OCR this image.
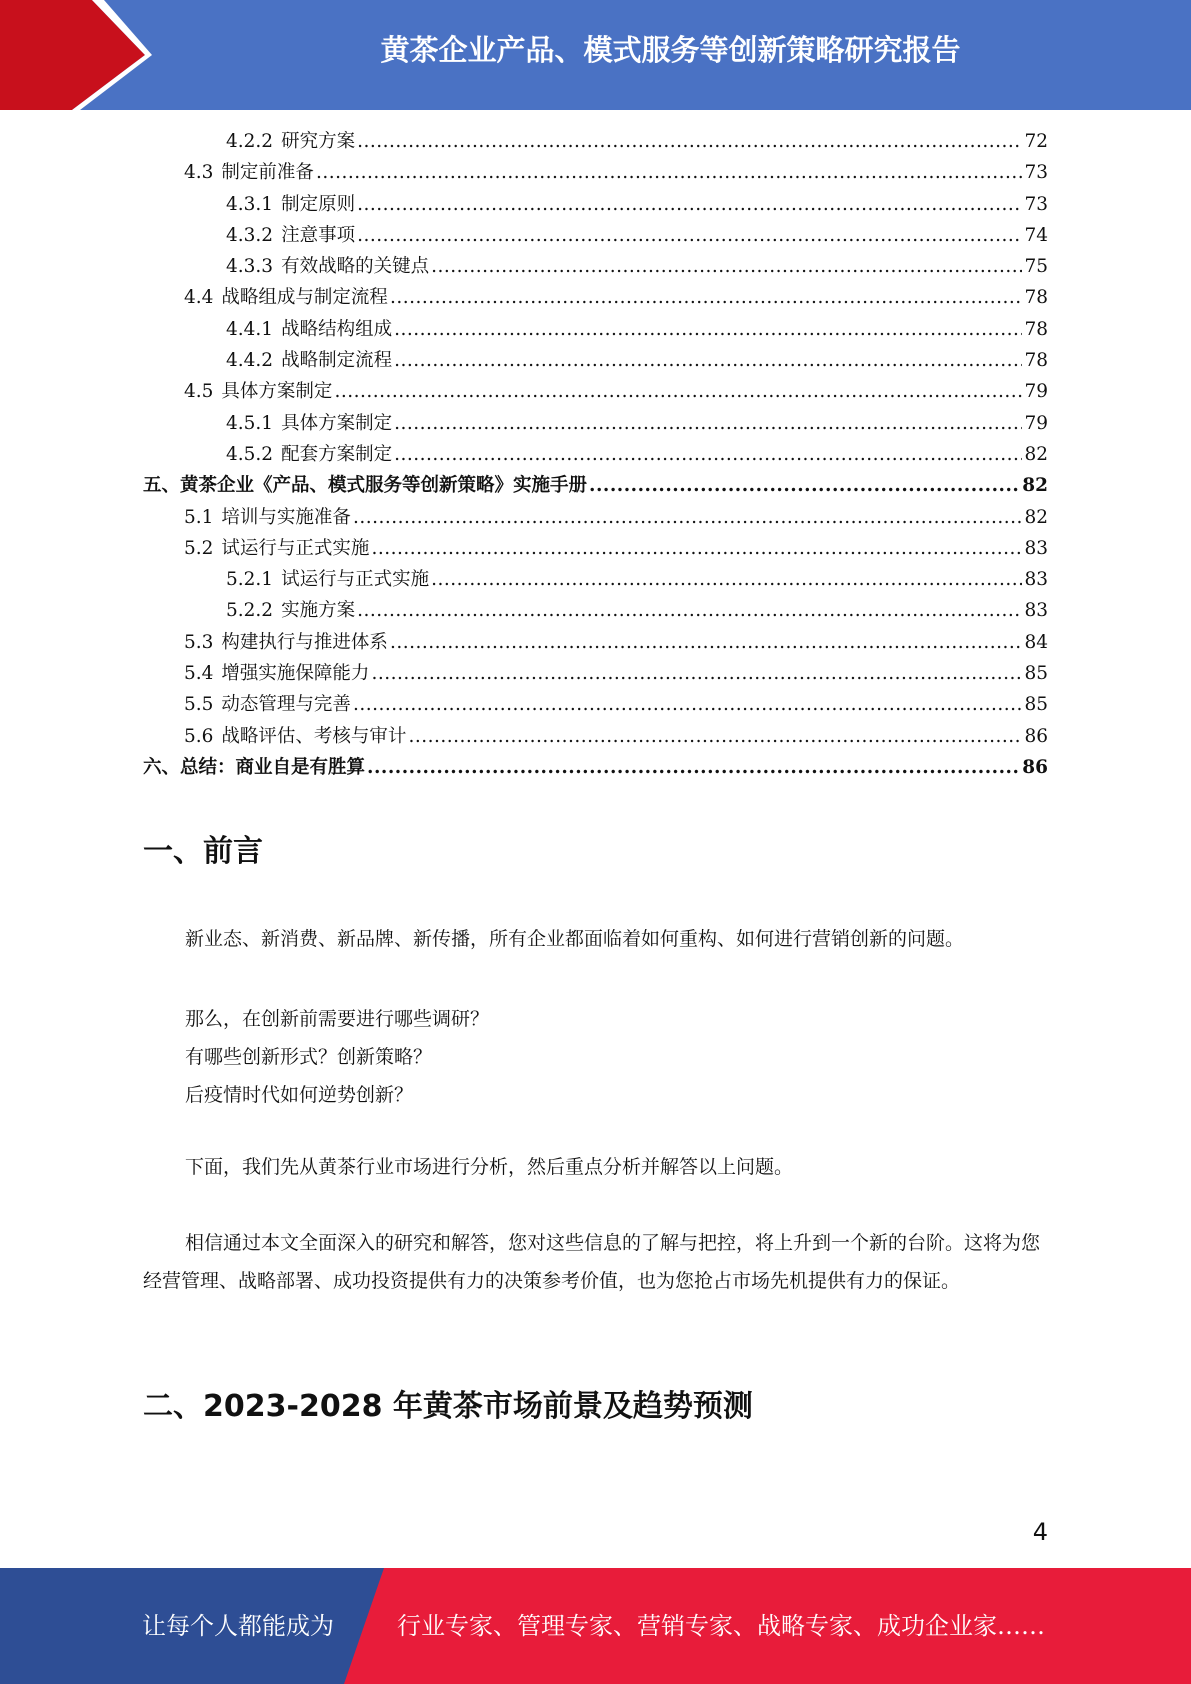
黄茶企业产品、模式服务等创新策略研究报告
4.2.2 研究方案 .....	72
4.3 制定前准备 .....	73
4.3.1 制定原则 .....	73
4.3.2 注意事项 .....	74
4.3.3 有效战略的关键点 .....	75
4.4 战略组成与制定流程 .....	78
4.4.1 战略结构组成 .....	78
4.4.2 战略制定流程 .....	78
4.5 具体方案制定 .....	79
4.5.1 具体方案制定 .....	79
4.5.2 配套方案制定 .....	82
五、黄茶企业《产品、模式服务等创新策略》实施手册 .....	82
5.1 培训与实施准备 .....	82
5.2 试运行与正式实施 .....	83
5.2.1 试运行与正式实施 .....	83
5.2.2 实施方案 .....	83
5.3 构建执行与推进体系 .....	84
5.4 增强实施保障能力 .....	85
5.5 动态管理与完善 .....	85
5.6 战略评估、考核与审计 .....	86
六、总结：商业自是有胜算 .....	86
一、前言

新业态、新消费、新品牌、新传播，所有企业都面临着如何重构、如何进行营销创新的问题。

那么，在创新前需要进行哪些调研？

有哪些创新形式？创新策略？

后疫情时代如何逆势创新？

下面，我们先从黄茶行业市场进行分析，然后重点分析并解答以上问题。

相信通过本文全面深入的研究和解答，您对这些信息的了解与把控，将上升到一个新的台阶。这将为您经营管理、战略部署、成功投资提供有力的决策参考价值，也为您抢占市场先机提供有力的保证。

二、2023-2028 年黄茶市场前景及趋势预测
4
让每个人都能成为	行业专家、管理专家、营销专家、战略专家、成功企业家……
